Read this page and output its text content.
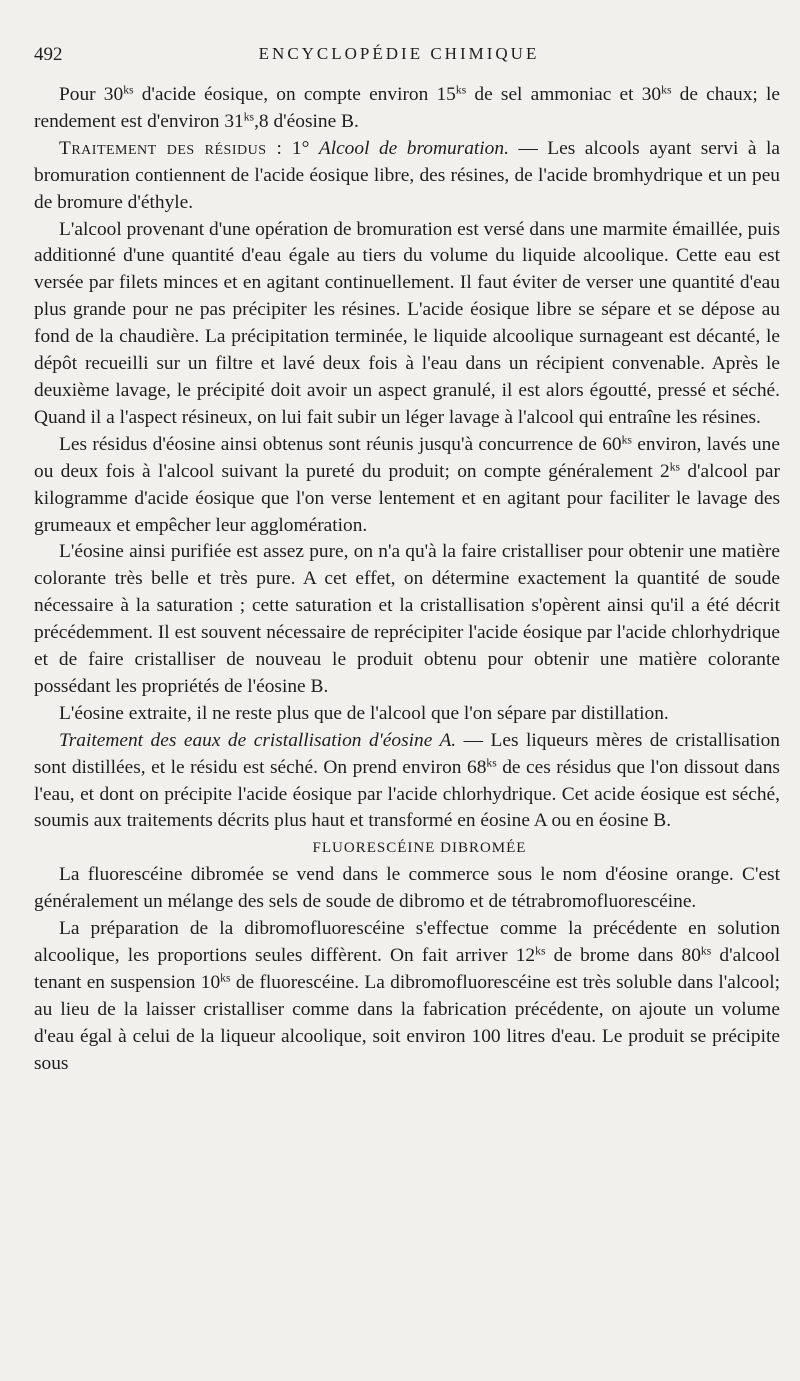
492	ENCYCLOPÉDIE CHIMIQUE

Pour $30^{ks}$ d'acide éosique, on compte environ $15^{ks}$ de sel ammoniac et $30^{ks}$ de chaux; le rendement est d'environ $31^{ks},8$ d'éosine B.

Traitement des résidus : 1° Alcool de bromuration. — Les alcools ayant servi à la bromuration contiennent de l'acide éosique libre, des résines, de l'acide bromhydrique et un peu de bromure d'éthyle.

L'alcool provenant d'une opération de bromuration est versé dans une marmite émaillée, puis additionné d'une quantité d'eau égale au tiers du volume du liquide alcoolique. Cette eau est versée par filets minces et en agitant continuellement. Il faut éviter de verser une quantité d'eau plus grande pour ne pas précipiter les résines. L'acide éosique libre se sépare et se dépose au fond de la chaudière. La précipitation terminée, le liquide alcoolique surnageant est décanté, le dépôt recueilli sur un filtre et lavé deux fois à l'eau dans un récipient convenable. Après le deuxième lavage, le précipité doit avoir un aspect granulé, il est alors égoutté, pressé et séché. Quand il a l'aspect résineux, on lui fait subir un léger lavage à l'alcool qui entraîne les résines.

Les résidus d'éosine ainsi obtenus sont réunis jusqu'à concurrence de $60^{ks}$ environ, lavés une ou deux fois à l'alcool suivant la pureté du produit; on compte généralement $2^{ks}$ d'alcool par kilogramme d'acide éosique que l'on verse lentement et en agitant pour faciliter le lavage des grumeaux et empêcher leur agglomération.

L'éosine ainsi purifiée est assez pure, on n'a qu'à la faire cristalliser pour obtenir une matière colorante très belle et très pure. A cet effet, on détermine exactement la quantité de soude nécessaire à la saturation ; cette saturation et la cristallisation s'opèrent ainsi qu'il a été décrit précédemment. Il est souvent nécessaire de reprécipiter l'acide éosique par l'acide chlorhydrique et de faire cristalliser de nouveau le produit obtenu pour obtenir une matière colorante possédant les propriétés de l'éosine B.

L'éosine extraite, il ne reste plus que de l'alcool que l'on sépare par distillation.

Traitement des eaux de cristallisation d'éosine A. — Les liqueurs mères de cristallisation sont distillées, et le résidu est séché. On prend environ $68^{ks}$ de ces résidus que l'on dissout dans l'eau, et dont on précipite l'acide éosique par l'acide chlorhydrique. Cet acide éosique est séché, soumis aux traitements décrits plus haut et transformé en éosine A ou en éosine B.

FLUORESCÉINE DIBROMÉE

La fluorescéine dibromée se vend dans le commerce sous le nom d'éosine orange. C'est généralement un mélange des sels de soude de dibromo et de tétrabromofluorescéine.

La préparation de la dibromofluorescéine s'effectue comme la précédente en solution alcoolique, les proportions seules diffèrent. On fait arriver $12^{ks}$ de brome dans $80^{ks}$ d'alcool tenant en suspension $10^{ks}$ de fluorescéine. La dibromofluorescéine est très soluble dans l'alcool; au lieu de la laisser cristalliser comme dans la fabrication précédente, on ajoute un volume d'eau égal à celui de la liqueur alcoolique, soit environ 100 litres d'eau. Le produit se précipite sous
